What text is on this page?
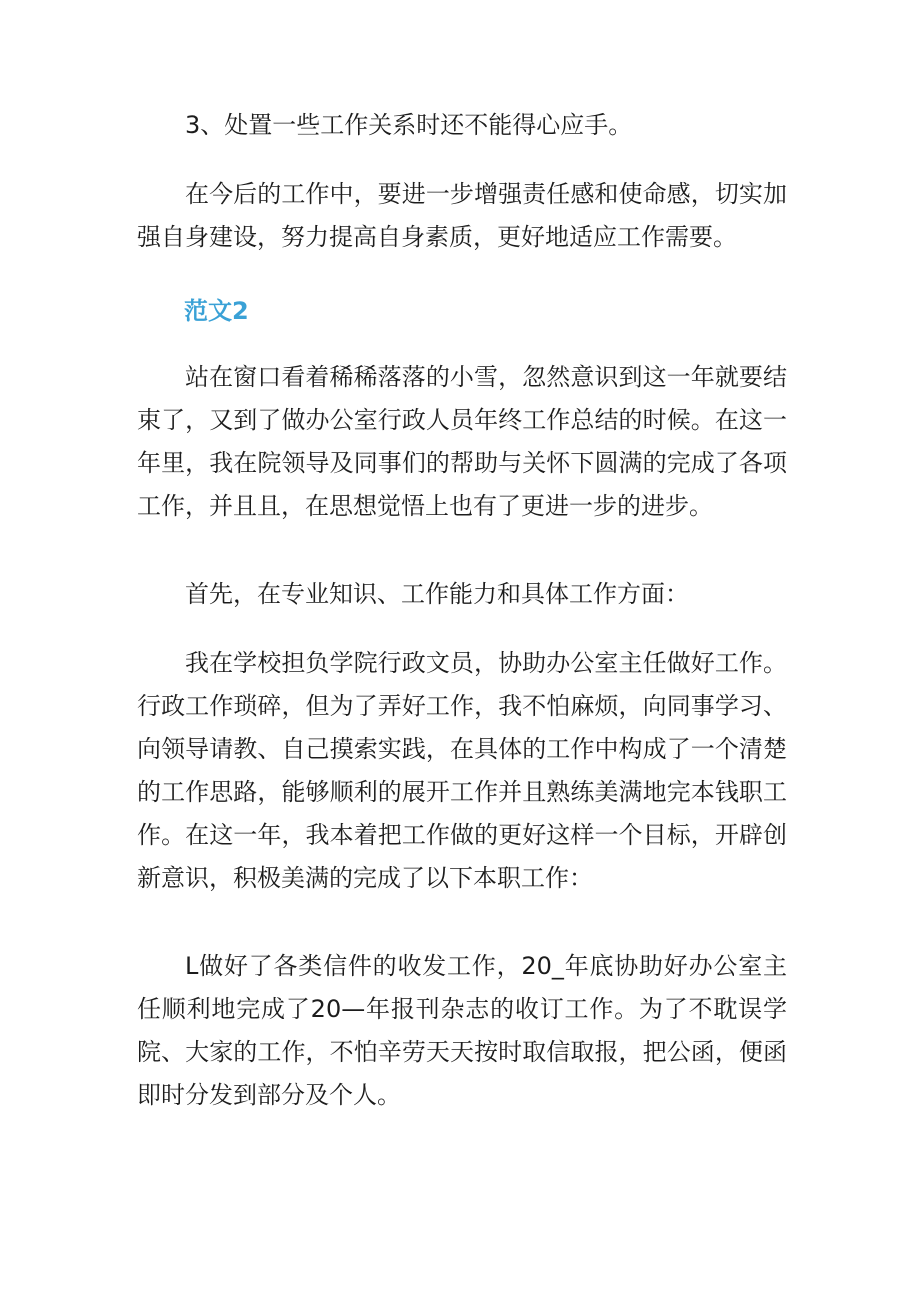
3、处置一些工作关系时还不能得心应手。

在今后的工作中，要进一步增强责任感和使命感，切实加强自身建设，努力提高自身素质，更好地适应工作需要。

范文2

站在窗口看着稀稀落落的小雪，忽然意识到这一年就要结束了，又到了做办公室行政人员年终工作总结的时候。在这一年里，我在院领导及同事们的帮助与关怀下圆满的完成了各项工作，并且且，在思想觉悟上也有了更进一步的进步。

首先，在专业知识、工作能力和具体工作方面：

我在学校担负学院行政文员，协助办公室主任做好工作。行政工作琐碎，但为了弄好工作，我不怕麻烦，向同事学习、向领导请教、自己摸索实践，在具体的工作中构成了一个清楚的工作思路，能够顺利的展开工作并且熟练美满地完本钱职工作。在这一年，我本着把工作做的更好这样一个目标，开辟创新意识，积极美满的完成了以下本职工作：

L做好了各类信件的收发工作，20_年底协助好办公室主任顺利地完成了20—年报刊杂志的收订工作。为了不耽误学院、大家的工作，不怕辛劳天天按时取信取报，把公函，便函即时分发到部分及个人。
